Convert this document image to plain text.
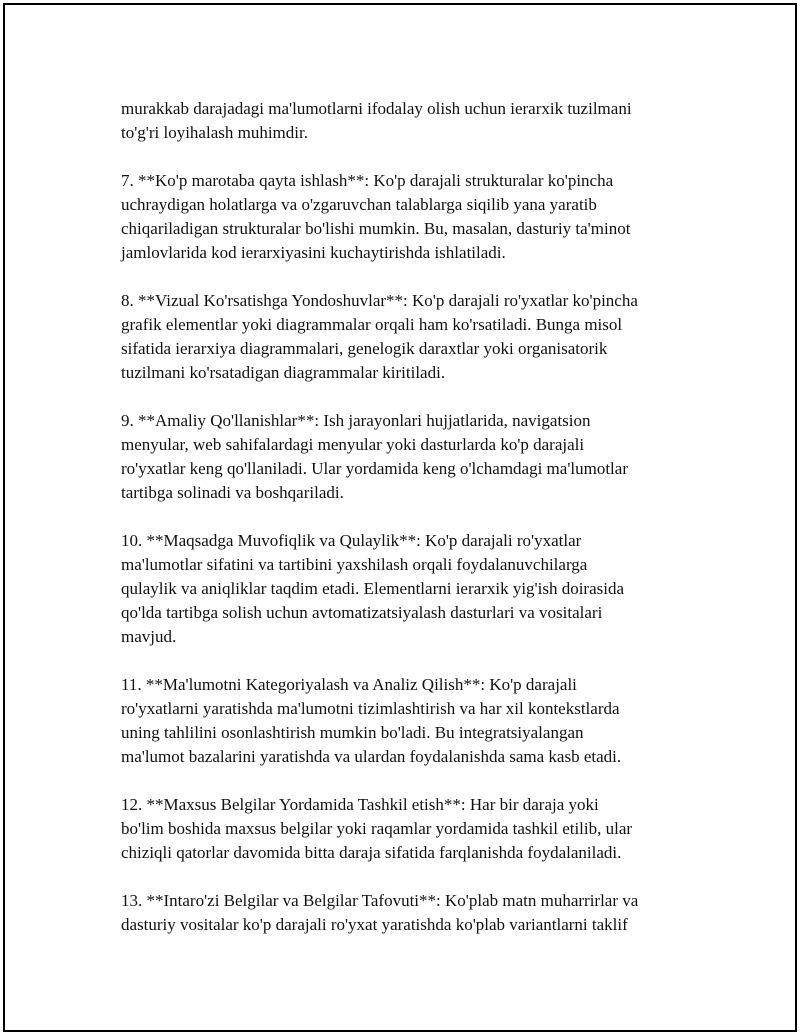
murakkab darajadagi ma'lumotlarni ifodalay olish uchun ierarxik tuzilmani
to'g'ri loyihalash muhimdir.

7. **Ko'p marotaba qayta ishlash**: Ko'p darajali strukturalar ko'pincha
uchraydigan holatlarga va o'zgaruvchan talablarga siqilib yana yaratib
chiqariladigan strukturalar bo'lishi mumkin. Bu, masalan, dasturiy ta'minot
jamlovlarida kod ierarxiyasini kuchaytirishda ishlatiladi.

8. **Vizual Ko'rsatishga Yondoshuvlar**: Ko'p darajali ro'yxatlar ko'pincha
grafik elementlar yoki diagrammalar orqali ham ko'rsatiladi. Bunga misol
sifatida ierarxiya diagrammalari, genelogik daraxtlar yoki organisatorik
tuzilmani ko'rsatadigan diagrammalar kiritiladi.

9. **Amaliy Qo'llanishlar**: Ish jarayonlari hujjatlarida, navigatsion
menyular, web sahifalardagi menyular yoki dasturlarda ko'p darajali
ro'yxatlar keng qo'llaniladi. Ular yordamida keng o'lchamdagi ma'lumotlar
tartibga solinadi va boshqariladi.

10. **Maqsadga Muvofiqlik va Qulaylik**: Ko'p darajali ro'yxatlar
ma'lumotlar sifatini va tartibini yaxshilash orqali foydalanuvchilarga
qulaylik va aniqliklar taqdim etadi. Elementlarni ierarxik yig'ish doirasida
qo'lda tartibga solish uchun avtomatizatsiyalash dasturlari va vositalari
mavjud.

11. **Ma'lumotni Kategoriyalash va Analiz Qilish**: Ko'p darajali
ro'yxatlarni yaratishda ma'lumotni tizimlashtirish va har xil kontekstlarda
uning tahlilini osonlashtirish mumkin bo'ladi. Bu integratsiyalangan
ma'lumot bazalarini yaratishda va ulardan foydalanishda sama kasb etadi.

12. **Maxsus Belgilar Yordamida Tashkil etish**: Har bir daraja yoki
bo'lim boshida maxsus belgilar yoki raqamlar yordamida tashkil etilib, ular
chiziqli qatorlar davomida bitta daraja sifatida farqlanishda foydalaniladi.

13. **Intaro'zi Belgilar va Belgilar Tafovuti**: Ko'plab matn muharrirlar va
dasturiy vositalar ko'p darajali ro'yxat yaratishda ko'plab variantlarni taklif
